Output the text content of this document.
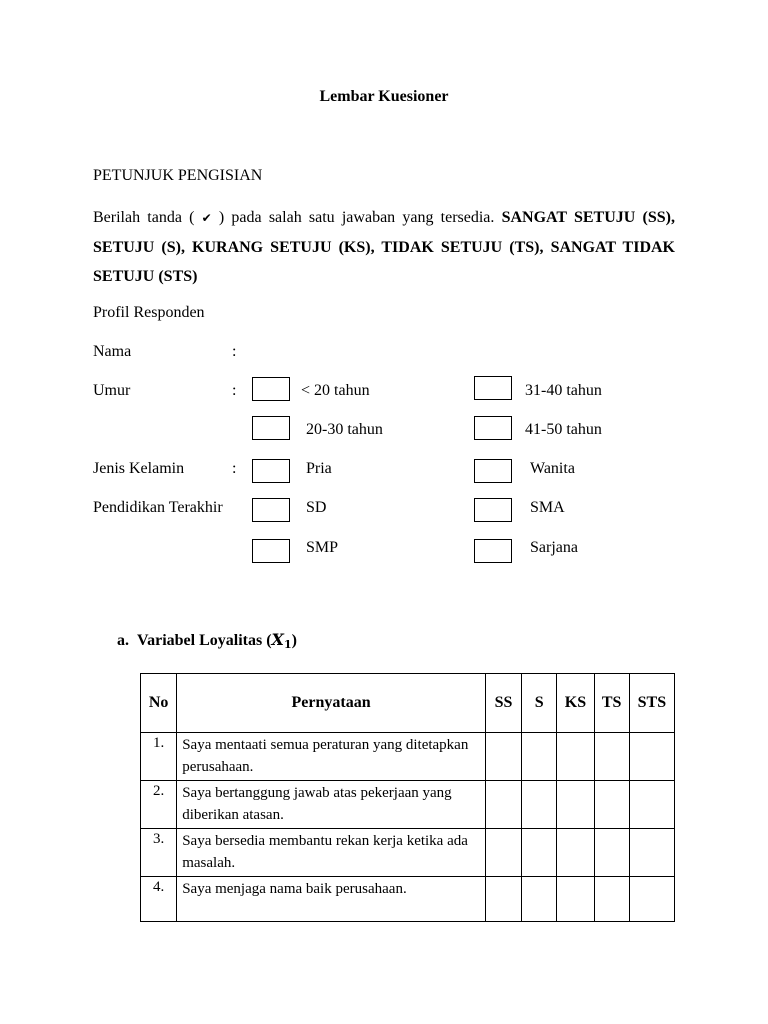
Lembar Kuesioner
PETUNJUK PENGISIAN
Berilah tanda ( ✔ ) pada salah satu jawaban yang tersedia. SANGAT SETUJU (SS), SETUJU (S), KURANG SETUJU (KS), TIDAK SETUJU (TS), SANGAT TIDAK SETUJU (STS)
Profil Responden
Nama	:
Umur	:	< 20 tahun	31-40 tahun
20-30 tahun	41-50 tahun
Jenis Kelamin	:	Pria	Wanita
Pendidikan Terakhir	SD	SMA
SMP	Sarjana
a. Variabel Loyalitas $(X_1)$
No	Pernyataan	SS	S	KS	TS	STS
1.	Saya mentaati semua peraturan yang ditetapkan perusahaan.					
2.	Saya bertanggung jawab atas pekerjaan yang diberikan atasan.					
3.	Saya bersedia membantu rekan kerja ketika ada masalah.					
4.	Saya menjaga nama baik perusahaan.					
